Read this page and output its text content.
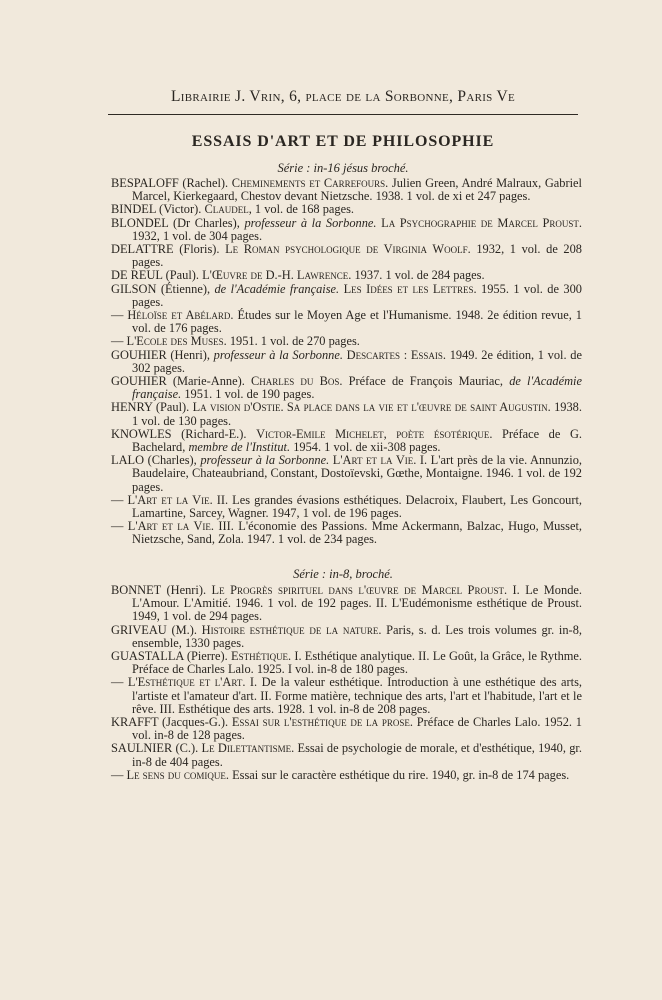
Librairie J. Vrin, 6, place de la Sorbonne, Paris Ve
ESSAIS D'ART ET DE PHILOSOPHIE
Série : in-16 jésus broché.

BESPALOFF (Rachel). Cheminements et Carrefours. Julien Green, André Malraux, Gabriel Marcel, Kierkegaard, Chestov devant Nietzsche. 1938. 1 vol. de xi et 247 pages.

BINDEL (Victor). Claudel, 1 vol. de 168 pages.

BLONDEL (Dr Charles), professeur à la Sorbonne. La Psychographie de Marcel Proust. 1932, 1 vol. de 304 pages.

DELATTRE (Floris). Le Roman psychologique de Virginia Woolf. 1932, 1 vol. de 208 pages.

DE REUL (Paul). L'Œuvre de D.-H. Lawrence. 1937. 1 vol. de 284 pages.

GILSON (Étienne), de l'Académie française. Les Idées et les Lettres. 1955. 1 vol. de 300 pages.

— Héloïse et Abélard. Études sur le Moyen Age et l'Humanisme. 1948. 2e édition revue, 1 vol. de 176 pages.

— L'Ecole des Muses. 1951. 1 vol. de 270 pages.

GOUHIER (Henri), professeur à la Sorbonne. Descartes : Essais. 1949. 2e édition, 1 vol. de 302 pages.

GOUHIER (Marie-Anne). Charles du Bos. Préface de François Mauriac, de l'Académie française. 1951. 1 vol. de 190 pages.

HENRY (Paul). La vision d'Ostie. Sa place dans la vie et l'œuvre de saint Augustin. 1938. 1 vol. de 130 pages.

KNOWLES (Richard-E.). Victor-Emile Michelet, poète ésotérique. Préface de G. Bachelard, membre de l'Institut. 1954. 1 vol. de xii-308 pages.

LALO (Charles), professeur à la Sorbonne. L'Art et la Vie. I. L'art près de la vie. Annunzio, Baudelaire, Chateaubriand, Constant, Dostoïevski, Gœthe, Montaigne. 1946. 1 vol. de 192 pages.

— L'Art et la Vie. II. Les grandes évasions esthétiques. Delacroix, Flaubert, Les Goncourt, Lamartine, Sarcey, Wagner. 1947, 1 vol. de 196 pages.

— L'Art et la Vie. III. L'économie des Passions. Mme Ackermann, Balzac, Hugo, Musset, Nietzsche, Sand, Zola. 1947. 1 vol. de 234 pages.

Série : in-8, broché.

BONNET (Henri). Le Progrès spirituel dans l'œuvre de Marcel Proust. I. Le Monde. L'Amour. L'Amitié. 1946. 1 vol. de 192 pages. II. L'Eudémonisme esthétique de Proust. 1949, 1 vol. de 294 pages.

GRIVEAU (M.). Histoire esthétique de la nature. Paris, s. d. Les trois volumes gr. in-8, ensemble, 1330 pages.

GUASTALLA (Pierre). Esthétique. I. Esthétique analytique. II. Le Goût, la Grâce, le Rythme. Préface de Charles Lalo. 1925. I vol. in-8 de 180 pages.

— L'Esthétique et l'Art. I. De la valeur esthétique. Introduction à une esthétique des arts, l'artiste et l'amateur d'art. II. Forme matière, technique des arts, l'art et l'habitude, l'art et le rêve. III. Esthétique des arts. 1928. 1 vol. in-8 de 208 pages.

KRAFFT (Jacques-G.). Essai sur l'esthétique de la prose. Préface de Charles Lalo. 1952. 1 vol. in-8 de 128 pages.

SAULNIER (C.). Le Dilettantisme. Essai de psychologie de morale, et d'esthétique, 1940, gr. in-8 de 404 pages.

— Le sens du comique. Essai sur le caractère esthétique du rire. 1940, gr. in-8 de 174 pages.
